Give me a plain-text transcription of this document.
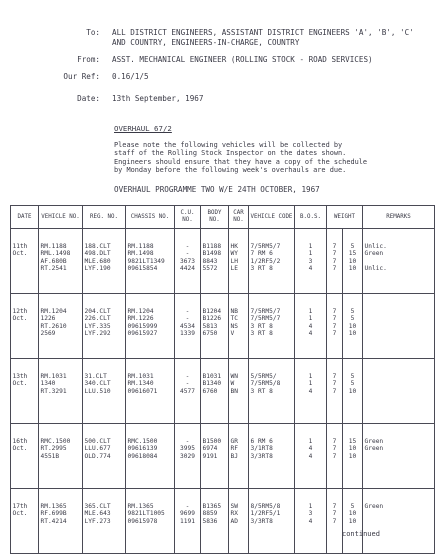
To: ALL DISTRICT ENGINEERS, ASSISTANT DISTRICT ENGINEERS 'A', 'B', 'C'
AND COUNTRY, ENGINEERS-IN-CHARGE, COUNTRY
From: ASST. MECHANICAL ENGINEER (ROLLING STOCK - ROAD SERVICES)
Our Ref: 0.16/1/5
Date: 13th September, 1967
OVERHAUL 67/2
Please note the following vehicles will be collected by
staff of the Rolling Stock Inspector on the dates shown.
Engineers should ensure that they have a copy of the schedule
by Monday before the following week's overhauls are due.
OVERHAUL PROGRAMME TWO W/E 24TH OCTOBER, 1967
DATE	VEHICLE NO.	REG. NO.	CHASSIS NO.	C.U. NO.	BODY NO.	CAR NO.	VEHICLE CODE	B.O.S.	WEIGHT		REMARKS

11th
Oct.	RM.1188
RML.1498
AF.680B
RT.2541	188.CLT
498.DLT
MLE.680
LYF.190	RM.1188
RM.1498
9821LT1349
09615854	-
-
3673
4424	B1188
B1498
8843
5572	HK
WY
LH
LE	7/5RM5/7
7 RM 6
1/2RF5/2
3 RT 8	1
1
3
4	7
7
7
7	5
15
10
10	Unlic.
Green
Unlic.

12th
Oct.	RM.1204
1226
RT.2610
2569	204.CLT
226.CLT
LYF.335
LYF.292	RM.1204
RM.1226
09615999
09615927	-
-
4534
1339	B1204
B1226
5813
6750	NB
TC
NS
V	7/5RM5/7
7/5RM5/7
3 RT 8
3 RT 8	1
1
4
4	7
7
7
7	5
5
10
10	

13th
Oct.	RM.1031
1340
RT.3291	31.CLT
340.CLT
LLU.510	RM.1031
RM.1340
09616071	-
-
4577	B1031
B1340
6760	WN
W
BN	5/5RM5/
7/5RM5/8
3 RT 8	1
1
4	7
7
7	5
5
10	

16th
Oct.	RMC.1500
RT.2995
4551B	500.CLT
LLU.677
OLD.774	RMC.1500
09616139
09618084	-
3995
3029	B1500
6974
9191	GR
RF
BJ	6 RM 6
3/1RT8
3/3RT8	1
4
4	7
7
7	15
10
10	Green
Green

17th
Oct.	RM.1365
RF.699B
RT.4214	365.CLT
MLE.643
LYF.273	RM.1365
9821LT1005
09615978	-
9699
1191	B1365
8859
5836	SW
RX
AD	8/5RM5/8
1/2RF5/1
3/3RT8	1
3
4	7
7
7	5
10
10	Green
continued
